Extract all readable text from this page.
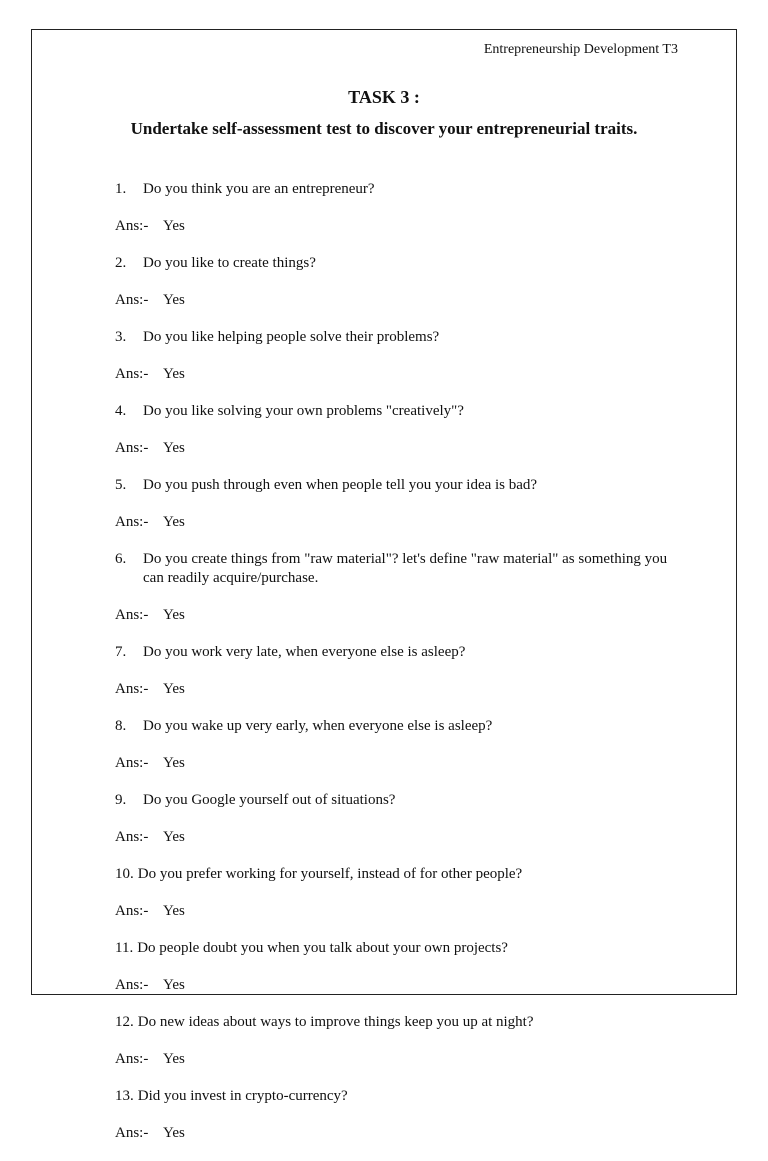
Entrepreneurship Development T3
TASK 3 :
Undertake self-assessment test to discover your entrepreneurial traits.
1.	Do you think you are an entrepreneur?
Ans:- Yes
2.	Do you like to create things?
Ans:- Yes
3.	Do you like helping people solve their problems?
Ans:- Yes
4.	Do you like solving your own problems "creatively"?
Ans:- Yes
5.	Do you push through even when people tell you your idea is bad?
Ans:- Yes
6.	Do you create things from "raw material"? let's define "raw material" as something you can readily acquire/purchase.
Ans:- Yes
7.	Do you work very late, when everyone else is asleep?
Ans:- Yes
8.	Do you wake up very early, when everyone else is asleep?
Ans:- Yes
9.	Do you Google yourself out of situations?
Ans:- Yes
10. Do you prefer working for yourself, instead of for other people?
Ans:- Yes
11. Do people doubt you when you talk about your own projects?
Ans:- Yes
12. Do new ideas about ways to improve things keep you up at night?
Ans:- Yes
13. Did you invest in crypto-currency?
Ans:- Yes
